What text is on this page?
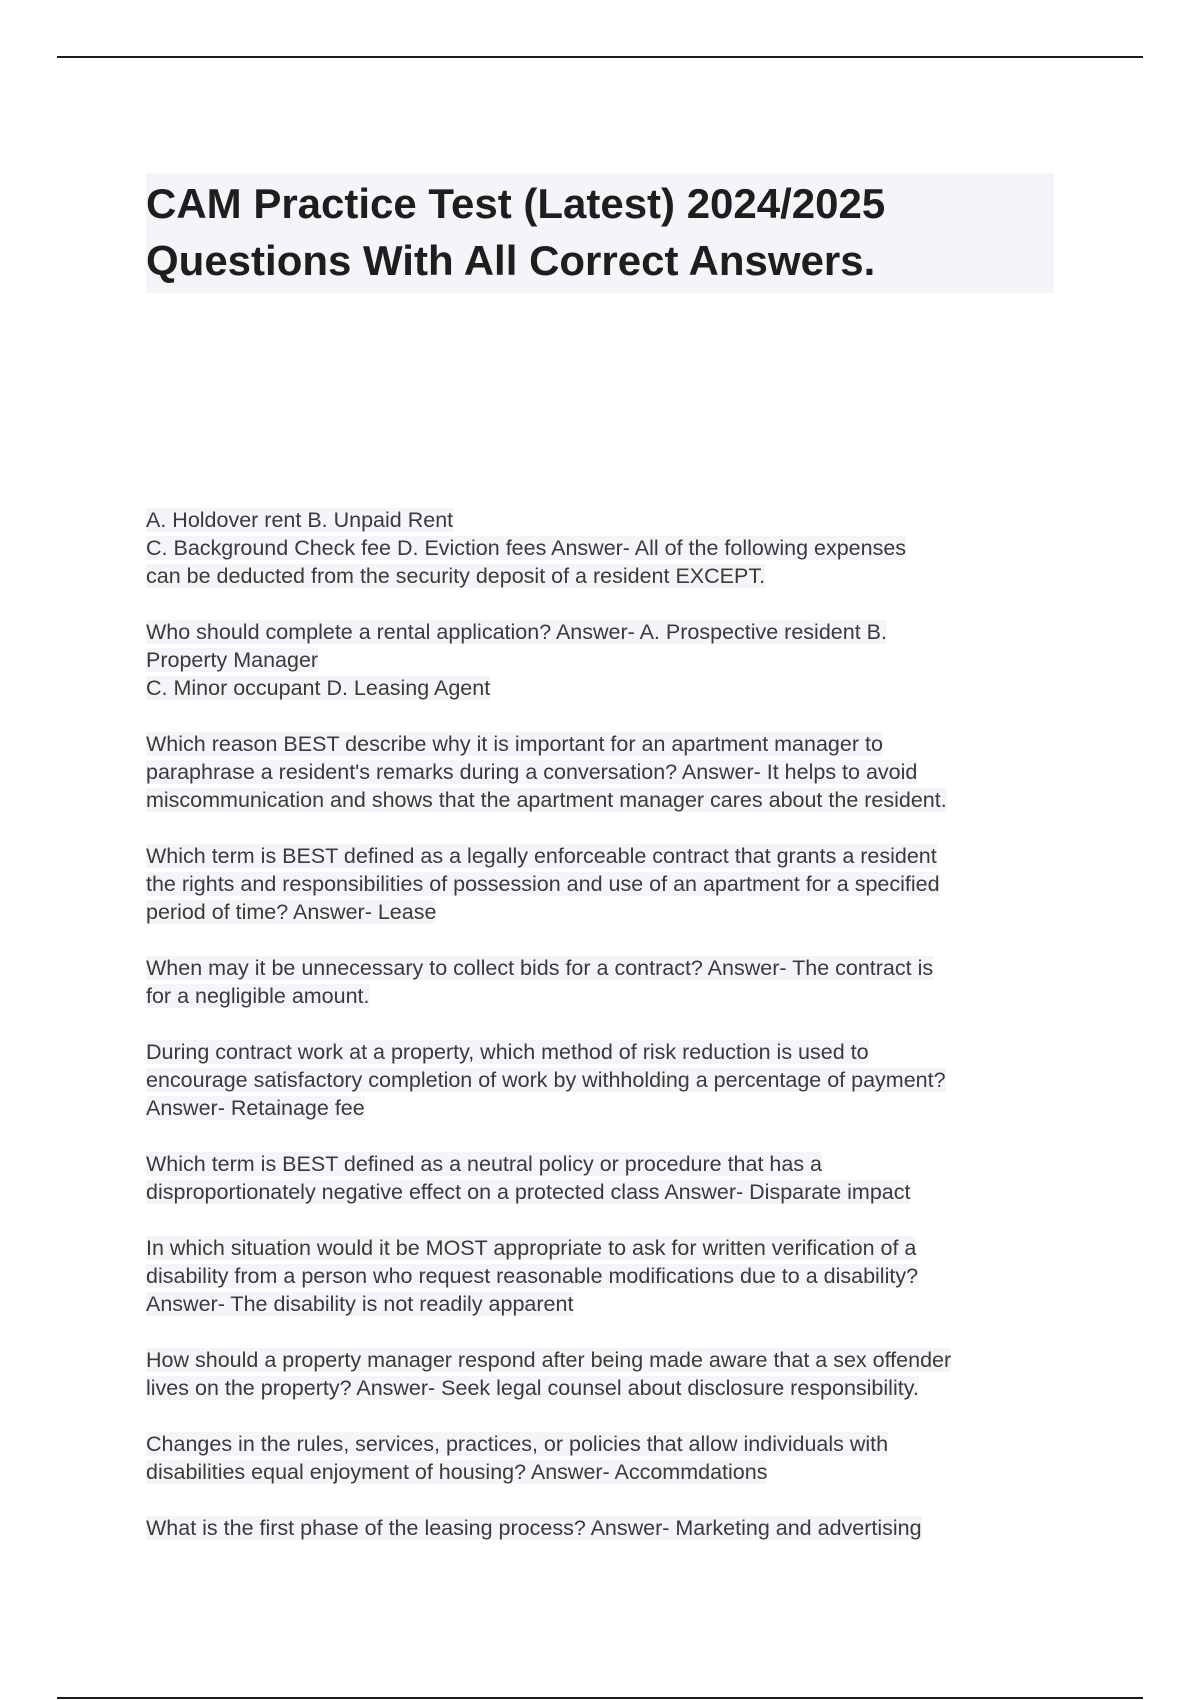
CAM Practice Test (Latest) 2024/2025
Questions With All Correct Answers.
A. Holdover rent B. Unpaid Rent
C. Background Check fee D. Eviction fees Answer- All of the following expenses
can be deducted from the security deposit of a resident EXCEPT.
Who should complete a rental application? Answer- A. Prospective resident B.
Property Manager
C. Minor occupant D. Leasing Agent
Which reason BEST describe why it is important for an apartment manager to
paraphrase a resident's remarks during a conversation? Answer- It helps to avoid
miscommunication and shows that the apartment manager cares about the resident.
Which term is BEST defined as a legally enforceable contract that grants a resident
the rights and responsibilities of possession and use of an apartment for a specified
period of time? Answer- Lease
When may it be unnecessary to collect bids for a contract? Answer- The contract is
for a negligible amount.
During contract work at a property, which method of risk reduction is used to
encourage satisfactory completion of work by withholding a percentage of payment?
Answer- Retainage fee
Which term is BEST defined as a neutral policy or procedure that has a
disproportionately negative effect on a protected class Answer- Disparate impact
In which situation would it be MOST appropriate to ask for written verification of a
disability from a person who request reasonable modifications due to a disability?
Answer- The disability is not readily apparent
How should a property manager respond after being made aware that a sex offender
lives on the property? Answer- Seek legal counsel about disclosure responsibility.
Changes in the rules, services, practices, or policies that allow individuals with
disabilities equal enjoyment of housing? Answer- Accommdations
What is the first phase of the leasing process? Answer- Marketing and advertising
